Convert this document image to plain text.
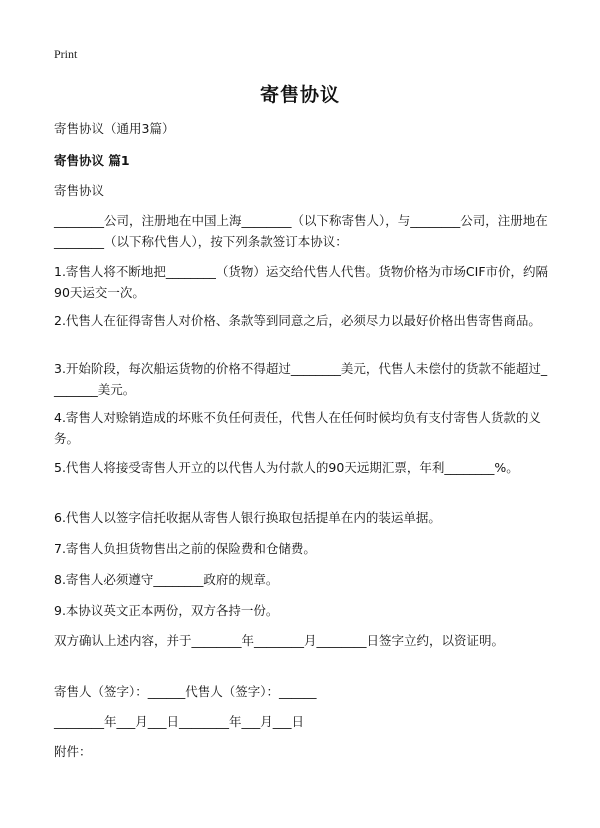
Print
寄售协议
寄售协议（通用3篇）
寄售协议 篇1
寄售协议
________公司，注册地在中国上海________（以下称寄售人），与________公司，注册地在________（以下称代售人），按下列条款签订本协议：
1.寄售人将不断地把________（货物）运交给代售人代售。货物价格为市场CIF市价，约隔90天运交一次。
2.代售人在征得寄售人对价格、条款等到同意之后，必须尽力以最好价格出售寄售商品。
3.开始阶段，每次船运货物的价格不得超过________美元，代售人未偿付的货款不能超过________美元。
4.寄售人对赊销造成的坏账不负任何责任，代售人在任何时候均负有支付寄售人货款的义务。
5.代售人将接受寄售人开立的以代售人为付款人的90天远期汇票，年利________%。
6.代售人以签字信托收据从寄售人银行换取包括提单在内的装运单据。
7.寄售人负担货物售出之前的保险费和仓储费。
8.寄售人必须遵守________政府的规章。
9.本协议英文正本两份，双方各持一份。
双方确认上述内容，并于________年________月________日签字立约，以资证明。
寄售人（签字）：______代售人（签字）：______
________年___月___日________年___月___日
附件：
